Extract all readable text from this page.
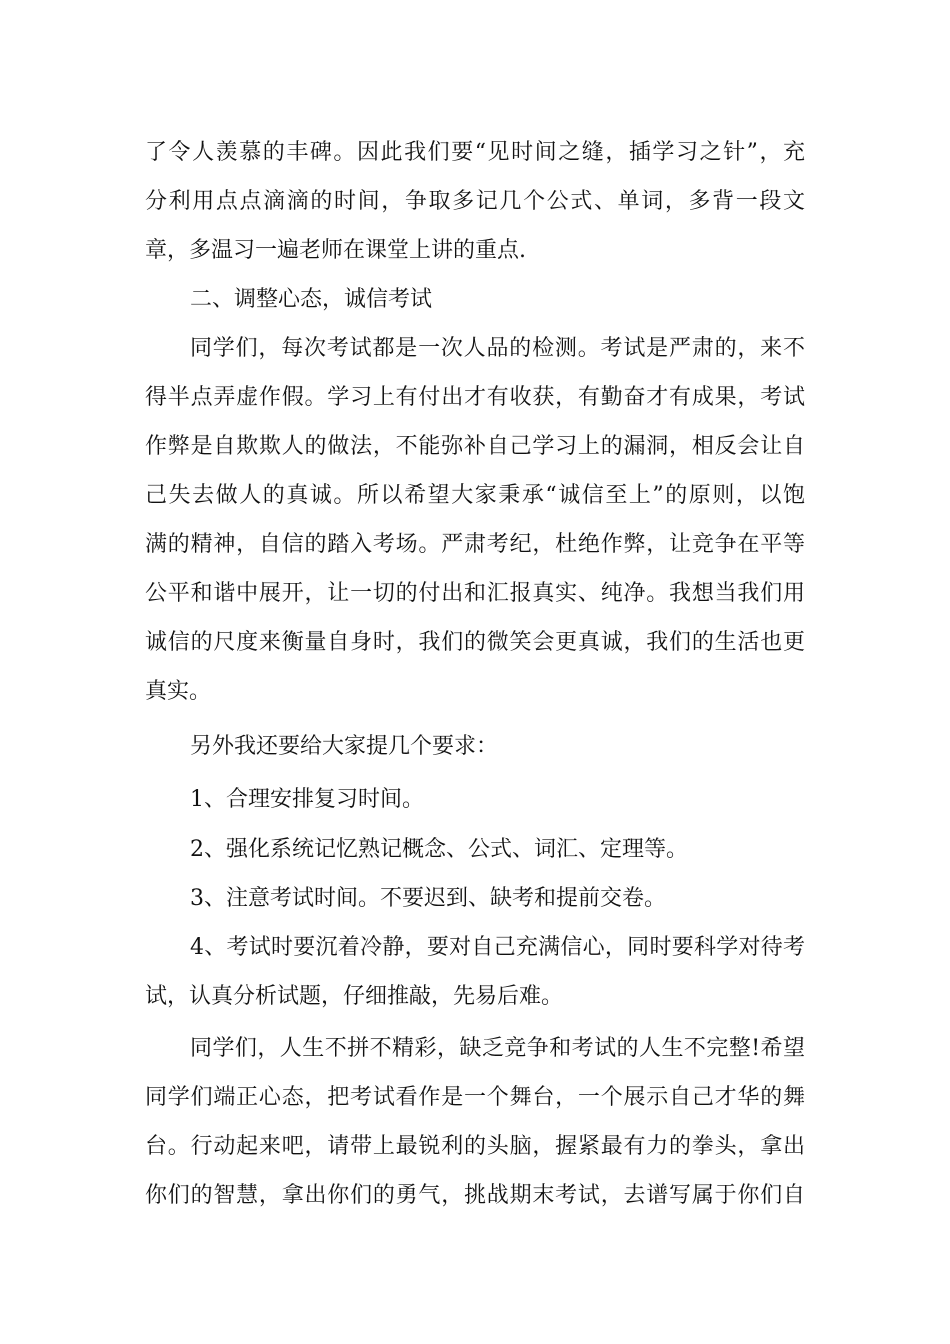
了令人羡慕的丰碑。因此我们要“见时间之缝，插学习之针”，充
分利用点点滴滴的时间，争取多记几个公式、单词，多背一段文
章，多温习一遍老师在课堂上讲的重点.
二、调整心态，诚信考试
同学们，每次考试都是一次人品的检测。考试是严肃的，来不
得半点弄虚作假。学习上有付出才有收获，有勤奋才有成果，考试
作弊是自欺欺人的做法，不能弥补自己学习上的漏洞，相反会让自
己失去做人的真诚。所以希望大家秉承“诚信至上”的原则，以饱
满的精神，自信的踏入考场。严肃考纪，杜绝作弊，让竞争在平等
公平和谐中展开，让一切的付出和汇报真实、纯净。我想当我们用
诚信的尺度来衡量自身时，我们的微笑会更真诚，我们的生活也更
真实。
另外我还要给大家提几个要求：
1、合理安排复习时间。
2、强化系统记忆熟记概念、公式、词汇、定理等。
3、注意考试时间。不要迟到、缺考和提前交卷。
4、考试时要沉着冷静，要对自己充满信心，同时要科学对待考
试，认真分析试题，仔细推敲，先易后难。
同学们，人生不拼不精彩，缺乏竞争和考试的人生不完整!希望
同学们端正心态，把考试看作是一个舞台，一个展示自己才华的舞
台。行动起来吧，请带上最锐利的头脑，握紧最有力的拳头，拿出
你们的智慧，拿出你们的勇气，挑战期末考试，去谱写属于你们自
